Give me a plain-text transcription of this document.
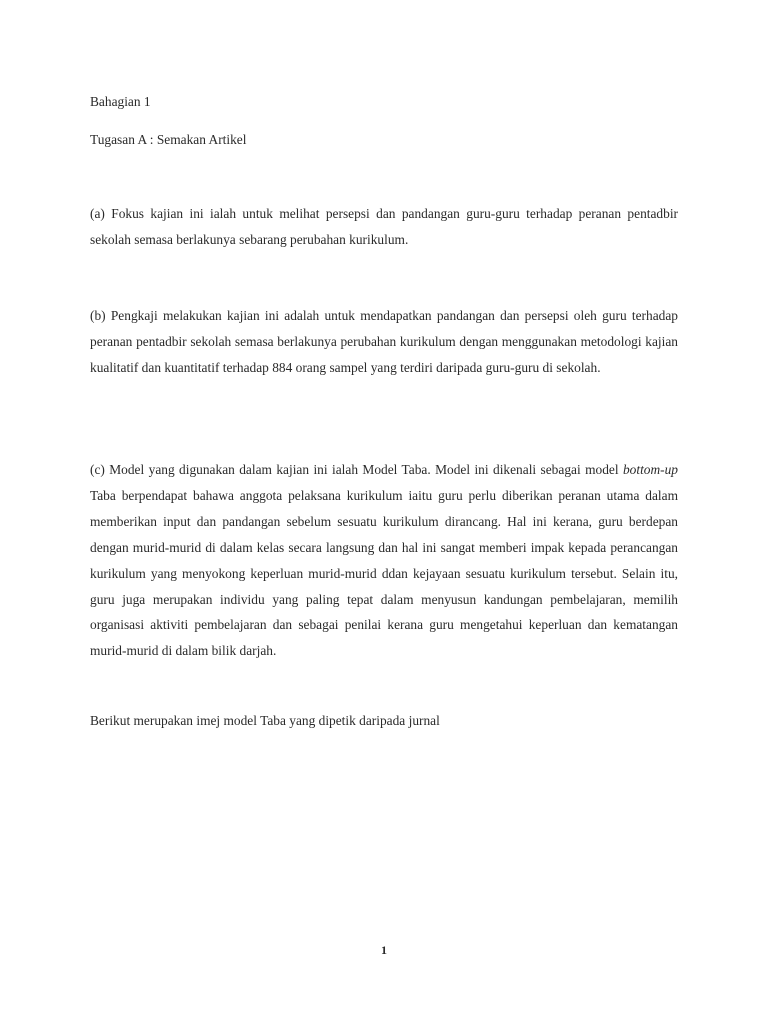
Bahagian 1

Tugasan A : Semakan Artikel

(a) Fokus kajian ini ialah untuk melihat persepsi dan pandangan guru-guru terhadap peranan pentadbir sekolah semasa berlakunya sebarang perubahan kurikulum.

(b) Pengkaji melakukan kajian ini adalah untuk mendapatkan pandangan dan persepsi oleh guru terhadap peranan pentadbir sekolah semasa berlakunya perubahan kurikulum dengan menggunakan metodologi kajian kualitatif dan kuantitatif terhadap 884 orang sampel yang terdiri daripada guru-guru di sekolah.

(c) Model yang digunakan dalam kajian ini ialah Model Taba. Model ini dikenali sebagai model bottom-up Taba berpendapat bahawa anggota pelaksana kurikulum iaitu guru perlu diberikan peranan utama dalam memberikan input dan pandangan sebelum sesuatu kurikulum dirancang. Hal ini kerana, guru berdepan dengan murid-murid di dalam kelas secara langsung dan hal ini sangat memberi impak kepada perancangan kurikulum yang menyokong keperluan murid-murid ddan kejayaan sesuatu kurikulum tersebut. Selain itu, guru juga merupakan individu yang paling tepat dalam menyusun kandungan pembelajaran, memilih organisasi aktiviti pembelajaran dan sebagai penilai kerana guru mengetahui keperluan dan kematangan murid-murid di dalam bilik darjah.

Berikut merupakan imej model Taba yang dipetik daripada jurnal

1
